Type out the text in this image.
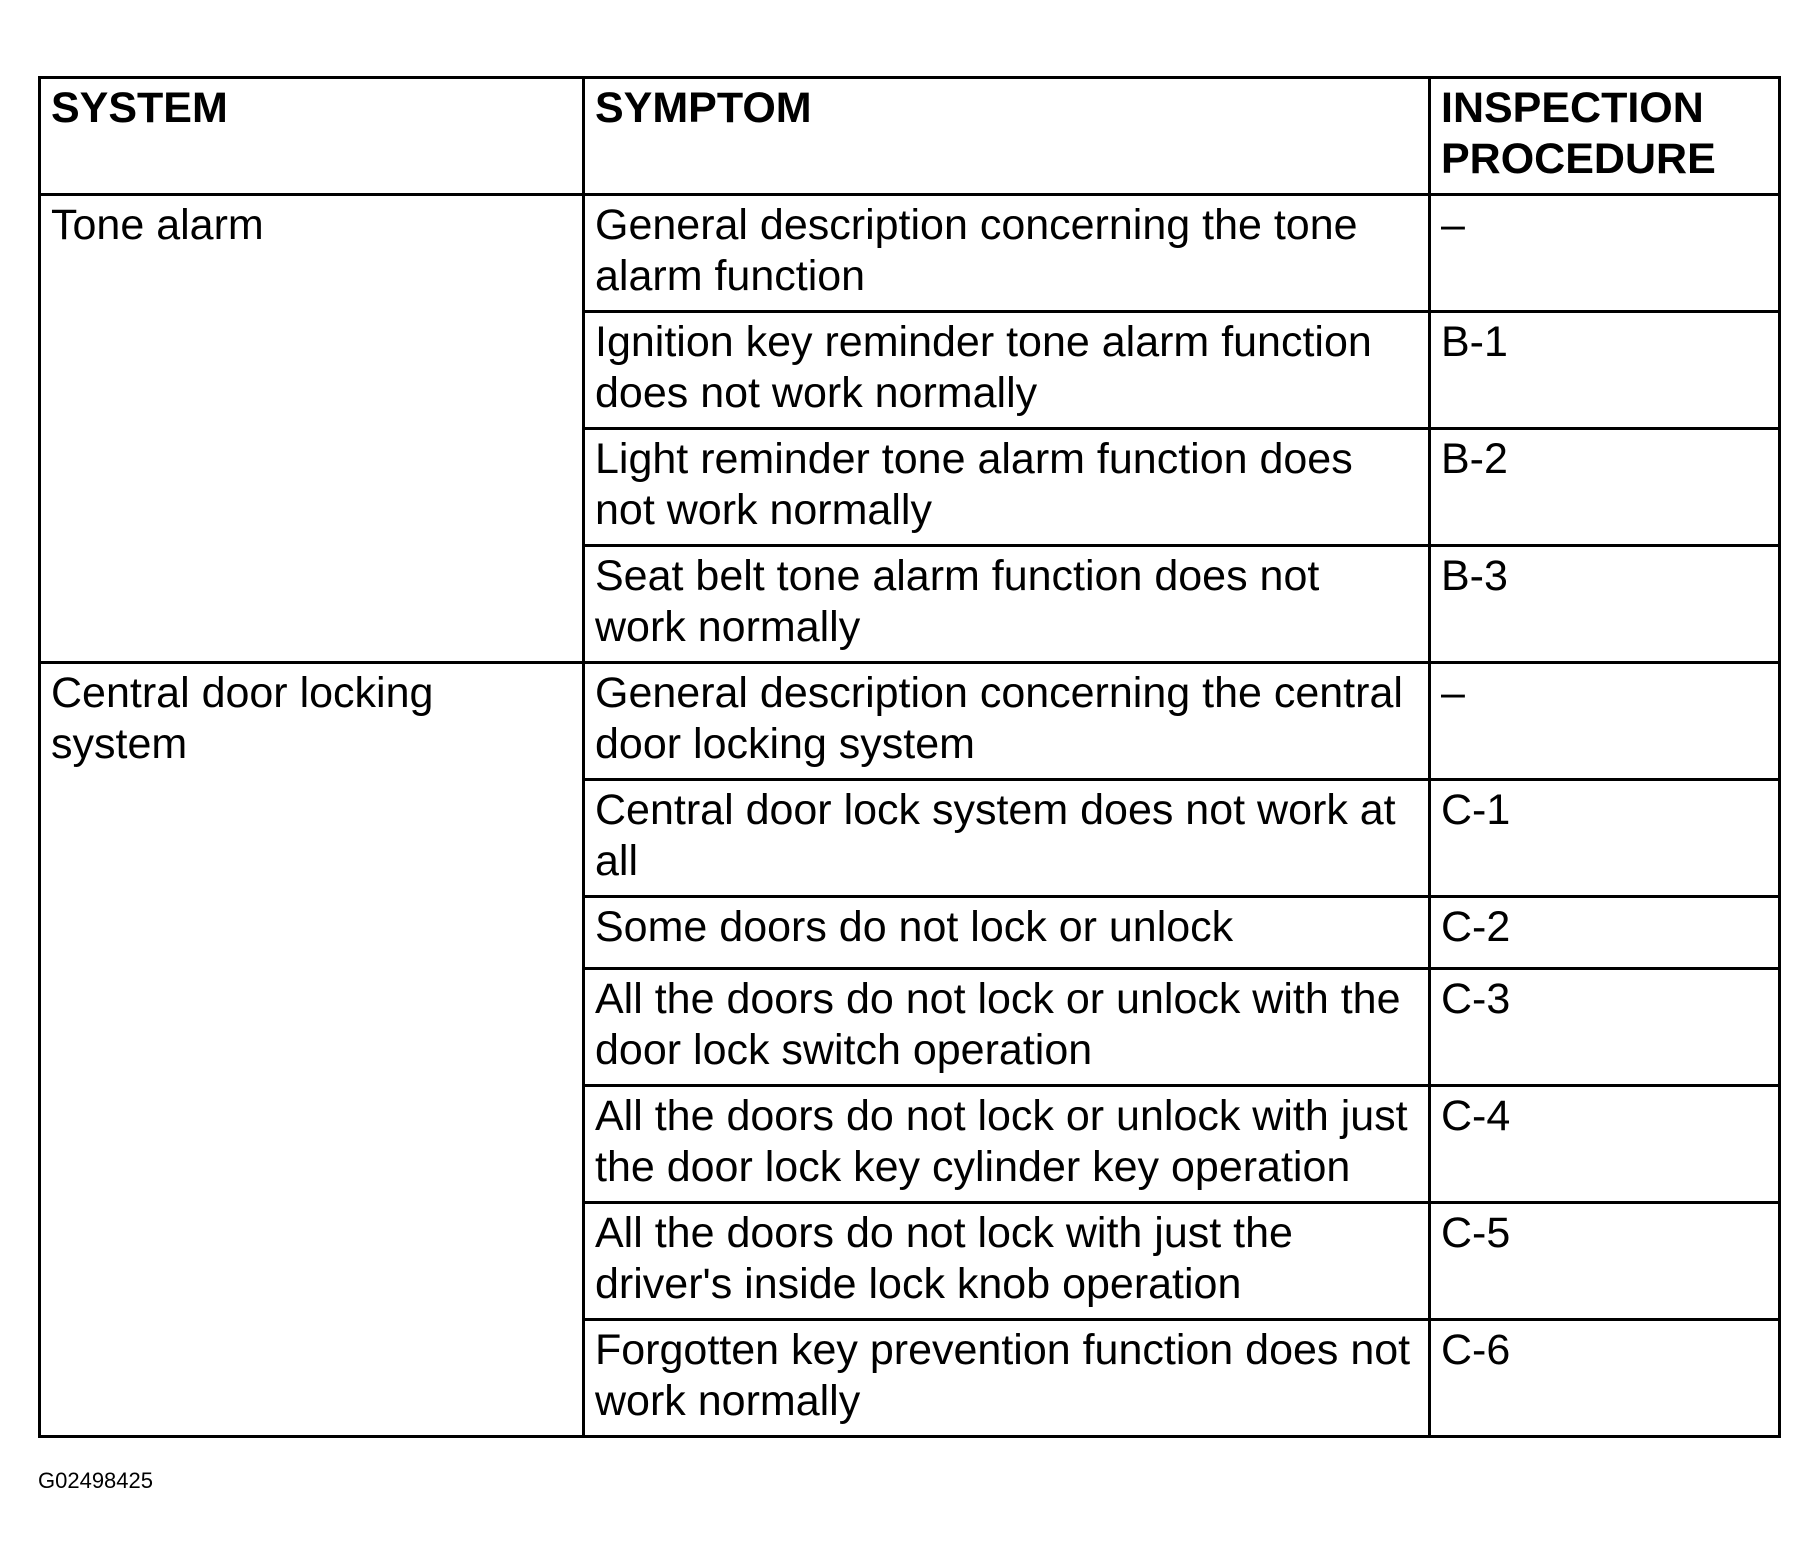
SYSTEM	SYMPTOM	INSPECTION PROCEDURE
Tone alarm	General description concerning the tone alarm function	–
	Ignition key reminder tone alarm function does not work normally	B-1
	Light reminder tone alarm function does not work normally	B-2
	Seat belt tone alarm function does not work normally	B-3
Central door locking system	General description concerning the central door locking system	–
	Central door lock system does not work at all	C-1
	Some doors do not lock or unlock	C-2
	All the doors do not lock or unlock with the door lock switch operation	C-3
	All the doors do not lock or unlock with just the door lock key cylinder key operation	C-4
	All the doors do not lock with just the driver's inside lock knob operation	C-5
	Forgotten key prevention function does not work normally	C-6
G02498425
